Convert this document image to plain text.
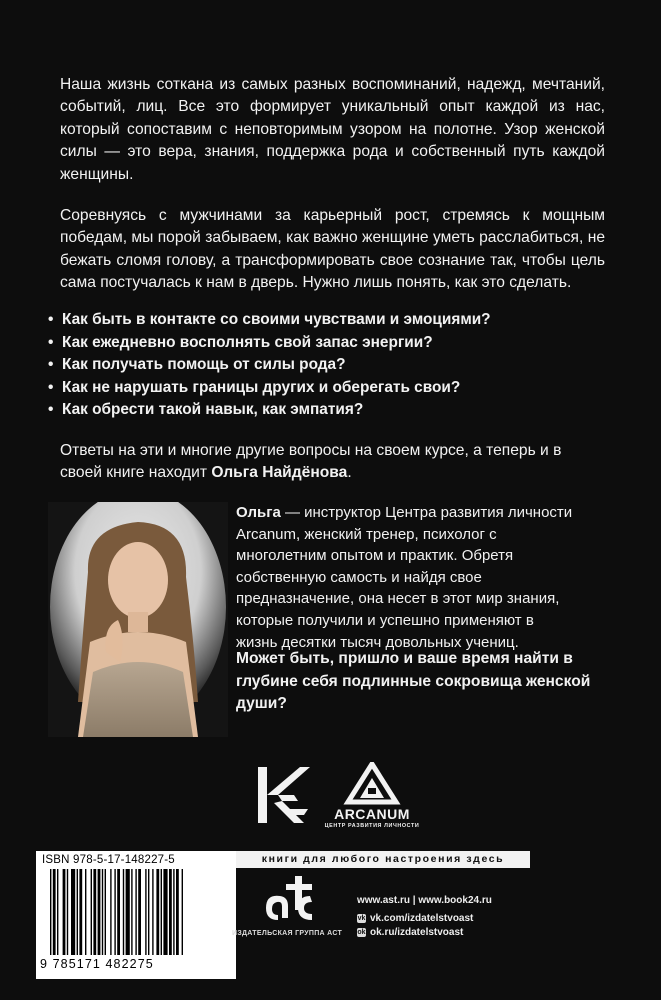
Наша жизнь соткана из самых разных воспоминаний, надежд, мечтаний, событий, лиц. Все это формирует уникальный опыт каждой из нас, который сопоставим с неповторимым узором на полотне. Узор женской силы — это вера, знания, поддержка рода и собственный путь каждой женщины.

Соревнуясь с мужчинами за карьерный рост, стремясь к мощным победам, мы порой забываем, как важно женщине уметь расслабиться, не бежать сломя голову, а трансформировать свое сознание так, чтобы цель сама постучалась к нам в дверь. Нужно лишь понять, как это сделать.

• Как быть в контакте со своими чувствами и эмоциями?
• Как ежедневно восполнять свой запас энергии?
• Как получать помощь от силы рода?
• Как не нарушать границы других и оберегать свои?
• Как обрести такой навык, как эмпатия?

Ответы на эти и многие другие вопросы на своем курсе, а теперь и в своей книге находит Ольга Найдёнова.

Ольга — инструктор Центра развития личности Arcanum, женский тренер, психолог с многолетним опытом и практик. Обретя собственную самость и найдя свое предназначение, она несет в этот мир знания, которые получили и успешно применяют в жизнь десятки тысяч довольных учениц.

Может быть, пришло и ваше время найти в глубине себя подлинные сокровища женской души?

ARCANUM
ЦЕНТР РАЗВИТИЯ ЛИЧНОСТИ
ISBN 978-5-17-148227-5
9 785171 482275
книги для любого настроения здесь
ИЗДАТЕЛЬСКАЯ ГРУППА АСТ
www.ast.ru | www.book24.ru
vk vk.com/izdatelstvoast
ok ok.ru/izdatelstvoast
